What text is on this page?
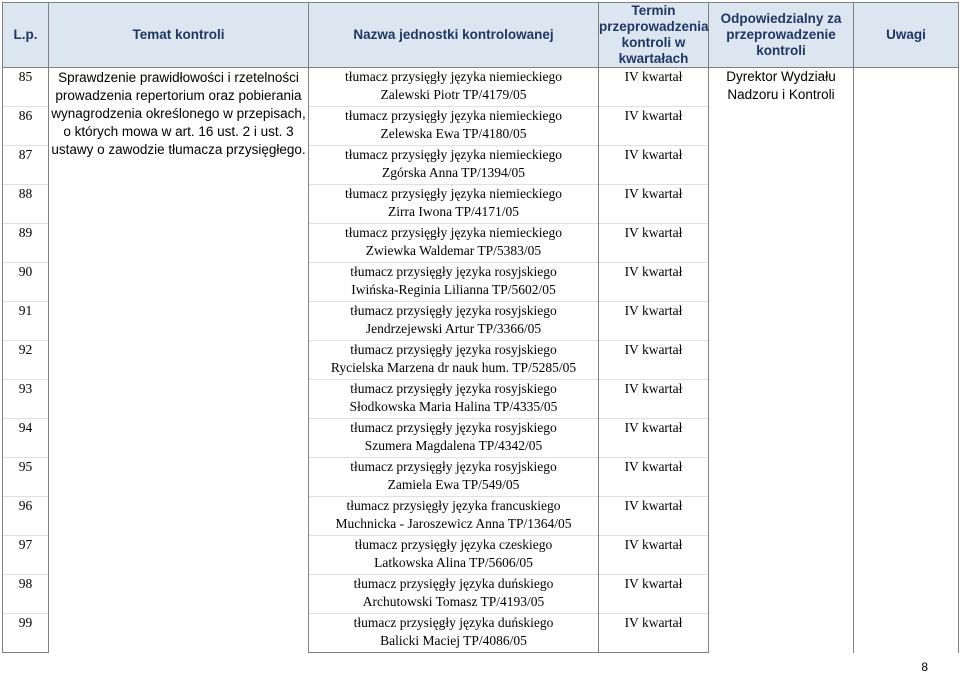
L.p.	Temat kontroli	Nazwa jednostki kontrolowanej	Termin przeprowadzenia kontroli w kwartałach	Odpowiedzialny za przeprowadzenie kontroli	Uwagi
85	Sprawdzenie prawidłowości i rzetelności prowadzenia repertorium oraz pobierania wynagrodzenia określonego w przepisach, o których mowa w art. 16 ust. 2 i ust. 3 ustawy o zawodzie tłumacza przysięgłego.	tłumacz przysięgły języka niemieckiego
Zalewski Piotr TP/4179/05	IV kwartał	Dyrektor Wydziału Nadzoru i Kontroli	

86		tłumacz przysięgły języka niemieckiego
Zelewska Ewa TP/4180/05	IV kwartał		
87		tłumacz przysięgły języka niemieckiego
Zgórska Anna TP/1394/05	IV kwartał		
88		tłumacz przysięgły języka niemieckiego
Zirra Iwona TP/4171/05	IV kwartał		
89		tłumacz przysięgły języka niemieckiego
Zwiewka Waldemar TP/5383/05	IV kwartał		
90		tłumacz przysięgły języka rosyjskiego
Iwińska-Reginia Lilianna TP/5602/05	IV kwartał		
91		tłumacz przysięgły języka rosyjskiego
Jendrzejewski Artur TP/3366/05	IV kwartał		
92		tłumacz przysięgły języka rosyjskiego
Rycielska Marzena dr nauk hum. TP/5285/05	IV kwartał		
93		tłumacz przysięgły języka rosyjskiego
Słodkowska Maria Halina TP/4335/05	IV kwartał		
94		tłumacz przysięgły języka rosyjskiego
Szumera Magdalena TP/4342/05	IV kwartał		
95		tłumacz przysięgły języka rosyjskiego
Zamiela Ewa TP/549/05	IV kwartał		
96		tłumacz przysięgły języka francuskiego
Muchnicka - Jaroszewicz Anna TP/1364/05	IV kwartał		
97		tłumacz przysięgły języka czeskiego
Latkowska Alina TP/5606/05	IV kwartał		
98		tłumacz przysięgły języka duńskiego
Archutowski Tomasz TP/4193/05	IV kwartał		
99		tłumacz przysięgły języka duńskiego
Balicki Maciej TP/4086/05	IV kwartał		
8
